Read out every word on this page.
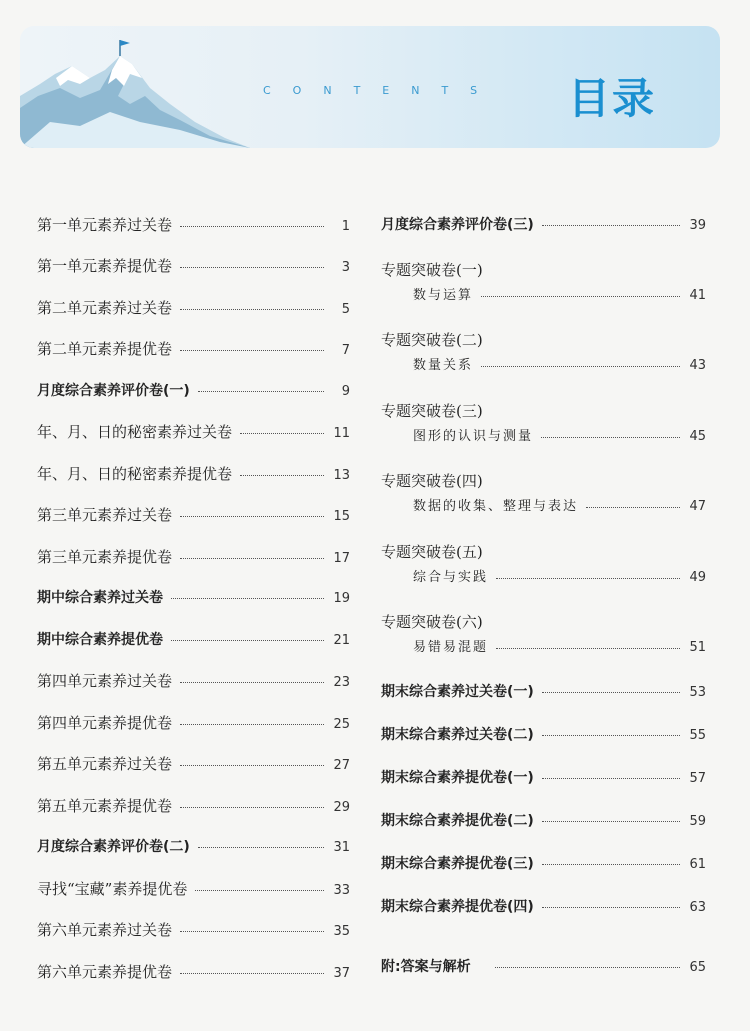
CONTENTS 目录
第一单元素养过关卷	1
第一单元素养提优卷	3
第二单元素养过关卷	5
第二单元素养提优卷	7
月度综合素养评价卷(一)	9
年、月、日的秘密素养过关卷	11
年、月、日的秘密素养提优卷	13
第三单元素养过关卷	15
第三单元素养提优卷	17
期中综合素养过关卷	19
期中综合素养提优卷	21
第四单元素养过关卷	23
第四单元素养提优卷	25
第五单元素养过关卷	27
第五单元素养提优卷	29
月度综合素养评价卷(二)	31
寻找“宝藏”素养提优卷	33
第六单元素养过关卷	35
第六单元素养提优卷	37
月度综合素养评价卷(三)	39
专题突破卷(一)
数与运算	41
专题突破卷(二)
数量关系	43
专题突破卷(三)
图形的认识与测量	45
专题突破卷(四)
数据的收集、整理与表达	47
专题突破卷(五)
综合与实践	49
专题突破卷(六)
易错易混题	51
期末综合素养过关卷(一)	53
期末综合素养过关卷(二)	55
期末综合素养提优卷(一)	57
期末综合素养提优卷(二)	59
期末综合素养提优卷(三)	61
期末综合素养提优卷(四)	63
附:答案与解析	65
